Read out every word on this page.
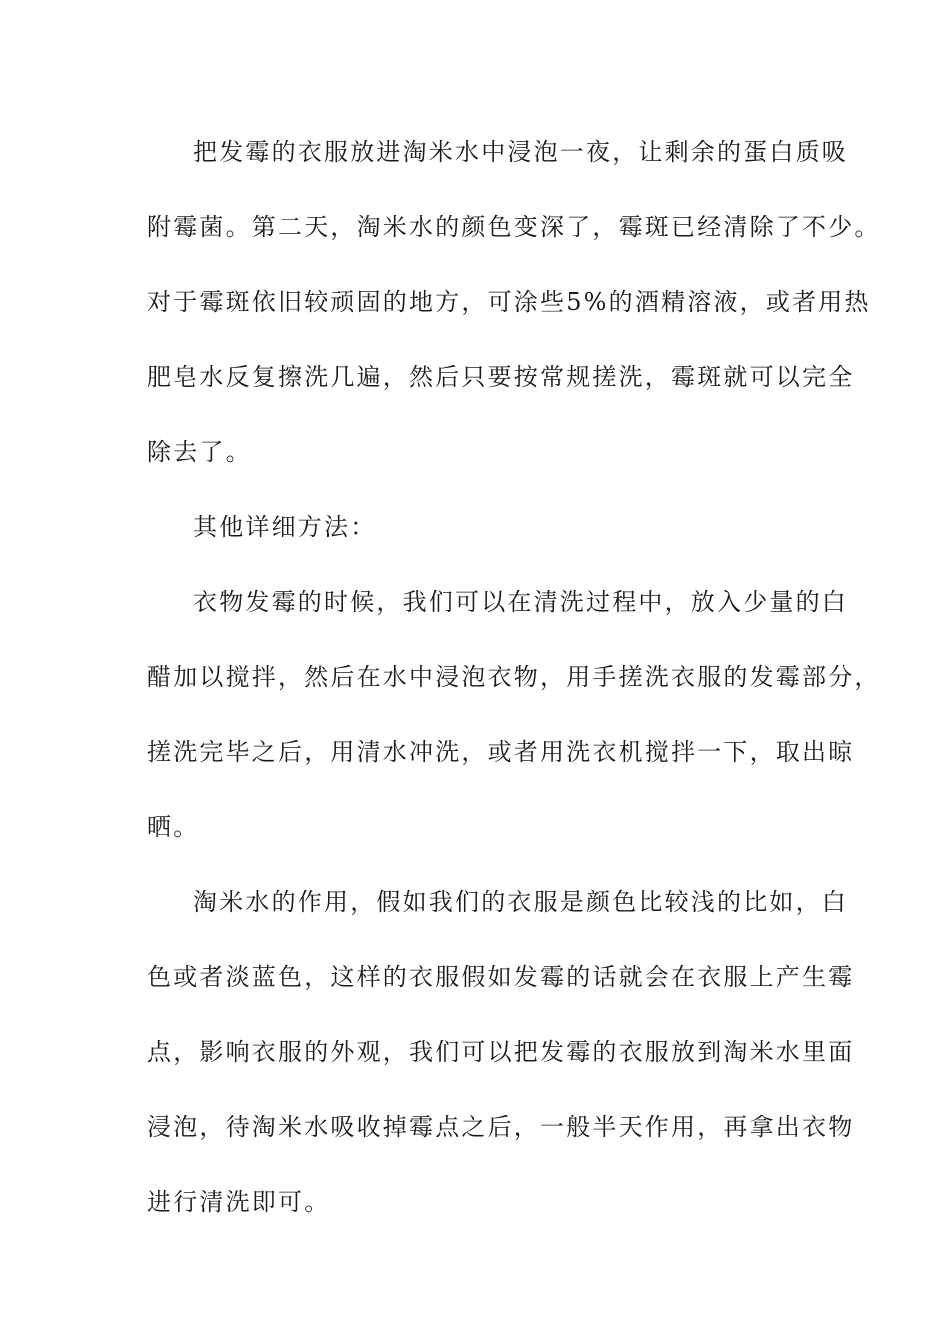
把发霉的衣服放进淘米水中浸泡一夜，让剩余的蛋白质吸
附霉菌。第二天，淘米水的颜色变深了，霉斑已经清除了不少。
对于霉斑依旧较顽固的地方，可涂些5%的酒精溶液，或者用热
肥皂水反复擦洗几遍，然后只要按常规搓洗，霉斑就可以完全
除去了。
其他详细方法：
衣物发霉的时候，我们可以在清洗过程中，放入少量的白
醋加以搅拌，然后在水中浸泡衣物，用手搓洗衣服的发霉部分，
搓洗完毕之后，用清水冲洗，或者用洗衣机搅拌一下，取出晾
晒。
淘米水的作用，假如我们的衣服是颜色比较浅的比如，白
色或者淡蓝色，这样的衣服假如发霉的话就会在衣服上产生霉
点，影响衣服的外观，我们可以把发霉的衣服放到淘米水里面
浸泡，待淘米水吸收掉霉点之后，一般半天作用，再拿出衣物
进行清洗即可。
